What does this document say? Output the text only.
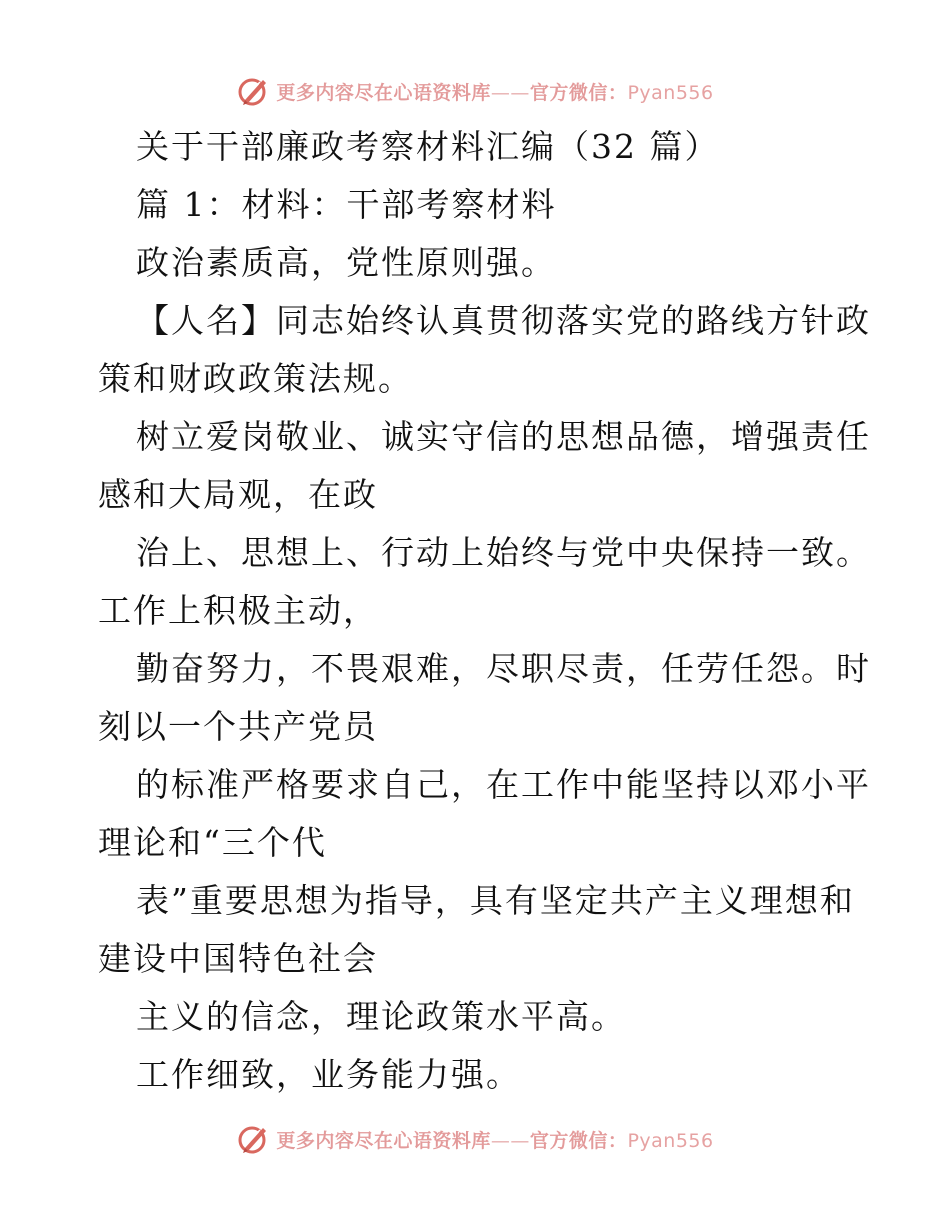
更多内容尽在心语资料库——官方微信：Pyan556
关于干部廉政考察材料汇编（32 篇）
篇 1：材料：干部考察材料
政治素质高，党性原则强。
【人名】同志始终认真贯彻落实党的路线方针政
策和财政政策法规。
树立爱岗敬业、诚实守信的思想品德，增强责任
感和大局观，在政
治上、思想上、行动上始终与党中央保持一致。
工作上积极主动，
勤奋努力，不畏艰难，尽职尽责，任劳任怨。时
刻以一个共产党员
的标准严格要求自己，在工作中能坚持以邓小平
理论和“三个代
表”重要思想为指导，具有坚定共产主义理想和
建设中国特色社会
主义的信念，理论政策水平高。
工作细致，业务能力强。
更多内容尽在心语资料库——官方微信：Pyan556
